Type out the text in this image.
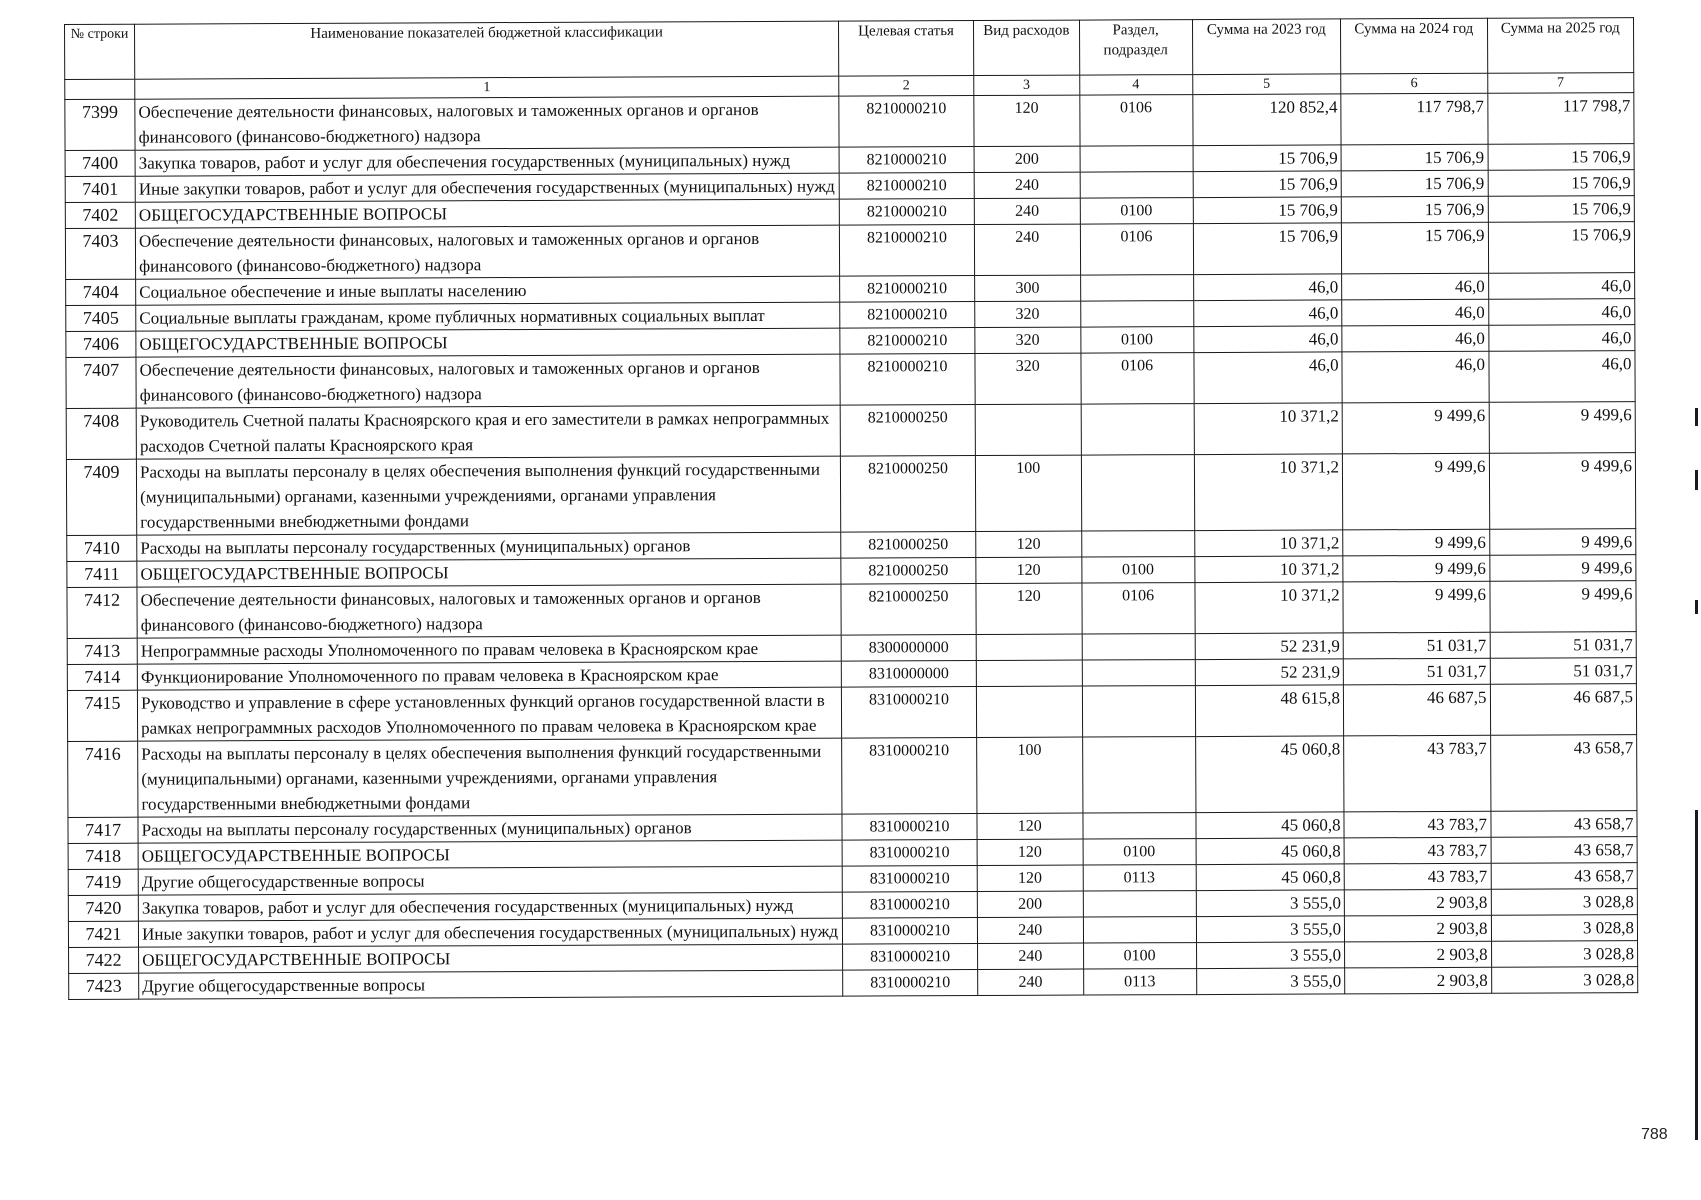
№ строки	Наименование показателей бюджетной классификации	Целевая статья	Вид расходов	Раздел, подраздел	Сумма на 2023 год	Сумма на 2024 год	Сумма на 2025 год
	1	2	3	4	5	6	7
7399	Обеспечение деятельности финансовых, налоговых и таможенных органов и органов финансового (финансово-бюджетного) надзора	8210000210	120	0106	120 852,4	117 798,7	117 798,7
7400	Закупка товаров, работ и услуг для обеспечения государственных (муниципальных) нужд	8210000210	200		15 706,9	15 706,9	15 706,9
7401	Иные закупки товаров, работ и услуг для обеспечения государственных (муниципальных) нужд	8210000210	240		15 706,9	15 706,9	15 706,9
7402	ОБЩЕГОСУДАРСТВЕННЫЕ ВОПРОСЫ	8210000210	240	0100	15 706,9	15 706,9	15 706,9
7403	Обеспечение деятельности финансовых, налоговых и таможенных органов и органов финансового (финансово-бюджетного) надзора	8210000210	240	0106	15 706,9	15 706,9	15 706,9
7404	Социальное обеспечение и иные выплаты населению	8210000210	300		46,0	46,0	46,0
7405	Социальные выплаты гражданам, кроме публичных нормативных социальных выплат	8210000210	320		46,0	46,0	46,0
7406	ОБЩЕГОСУДАРСТВЕННЫЕ ВОПРОСЫ	8210000210	320	0100	46,0	46,0	46,0
7407	Обеспечение деятельности финансовых, налоговых и таможенных органов и органов финансового (финансово-бюджетного) надзора	8210000210	320	0106	46,0	46,0	46,0
7408	Руководитель Счетной палаты Красноярского края и его заместители в рамках непрограммных расходов Счетной палаты Красноярского края	8210000250			10 371,2	9 499,6	9 499,6
7409	Расходы на выплаты персоналу в целях обеспечения выполнения функций государственными (муниципальными) органами, казенными учреждениями, органами управления государственными внебюджетными фондами	8210000250	100		10 371,2	9 499,6	9 499,6
7410	Расходы на выплаты персоналу государственных (муниципальных) органов	8210000250	120		10 371,2	9 499,6	9 499,6
7411	ОБЩЕГОСУДАРСТВЕННЫЕ ВОПРОСЫ	8210000250	120	0100	10 371,2	9 499,6	9 499,6
7412	Обеспечение деятельности финансовых, налоговых и таможенных органов и органов финансового (финансово-бюджетного) надзора	8210000250	120	0106	10 371,2	9 499,6	9 499,6
7413	Непрограммные расходы Уполномоченного по правам человека в Красноярском крае	8300000000			52 231,9	51 031,7	51 031,7
7414	Функционирование Уполномоченного по правам человека в Красноярском крае	8310000000			52 231,9	51 031,7	51 031,7
7415	Руководство и управление в сфере установленных функций органов государственной власти в рамках непрограммных расходов Уполномоченного по правам человека в Красноярском крае	8310000210			48 615,8	46 687,5	46 687,5
7416	Расходы на выплаты персоналу в целях обеспечения выполнения функций государственными (муниципальными) органами, казенными учреждениями, органами управления государственными внебюджетными фондами	8310000210	100		45 060,8	43 783,7	43 658,7
7417	Расходы на выплаты персоналу государственных (муниципальных) органов	8310000210	120		45 060,8	43 783,7	43 658,7
7418	ОБЩЕГОСУДАРСТВЕННЫЕ ВОПРОСЫ	8310000210	120	0100	45 060,8	43 783,7	43 658,7
7419	Другие общегосударственные вопросы	8310000210	120	0113	45 060,8	43 783,7	43 658,7
7420	Закупка товаров, работ и услуг для обеспечения государственных (муниципальных) нужд	8310000210	200		3 555,0	2 903,8	3 028,8
7421	Иные закупки товаров, работ и услуг для обеспечения государственных (муниципальных) нужд	8310000210	240		3 555,0	2 903,8	3 028,8
7422	ОБЩЕГОСУДАРСТВЕННЫЕ ВОПРОСЫ	8310000210	240	0100	3 555,0	2 903,8	3 028,8
7423	Другие общегосударственные вопросы	8310000210	240	0113	3 555,0	2 903,8	3 028,8
788
